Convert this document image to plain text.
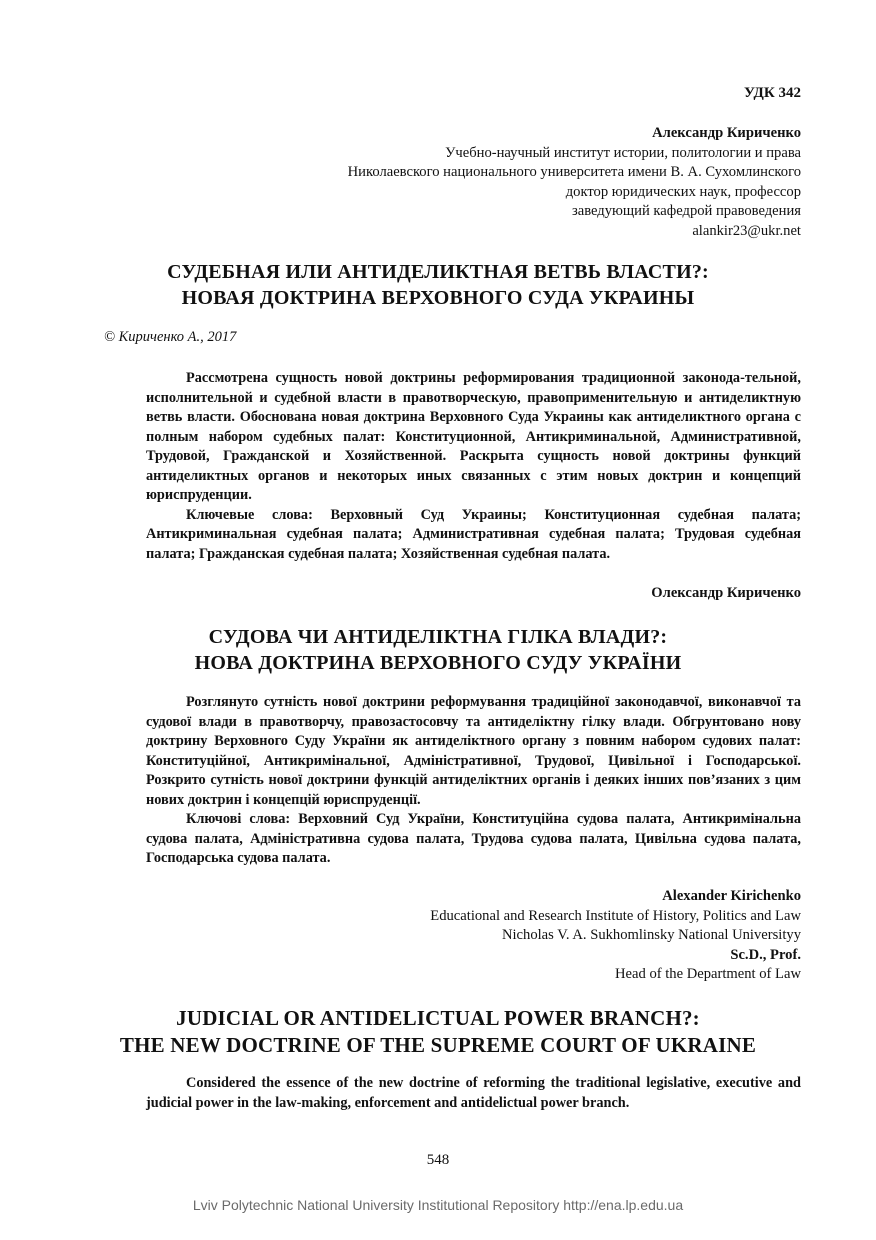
УДК 342
Александр Кириченко
Учебно-научный институт истории, политологии и права
Николаевского национального университета имени В. А. Сухомлинского
доктор юридических наук, профессор
заведующий кафедрой правоведения
alankir23@ukr.net
СУДЕБНАЯ ИЛИ АНТИДЕЛИКТНАЯ ВЕТВЬ ВЛАСТИ?:
НОВАЯ ДОКТРИНА ВЕРХОВНОГО СУДА УКРАИНЫ
© Кириченко А., 2017

Рассмотрена сущность новой доктрины реформирования традиционной законода-тельной, исполнительной и судебной власти в правотворческую, правоприменительную и антиделиктную ветвь власти. Обоснована новая доктрина Верховного Суда Украины как антиделиктного органа с полным набором судебных палат: Конституционной, Антикриминальной, Административной, Трудовой, Гражданской и Хозяйственной. Раскрыта сущность новой доктрины функций антиделиктных органов и некоторых иных связанных с этим новых доктрин и концепций юриспруденции.

Ключевые слова: Верховный Суд Украины; Конституционная судебная палата; Антикриминальная судебная палата; Административная судебная палата; Трудовая судебная палата; Гражданская судебная палата; Хозяйственная судебная палата.

Олександр Кириченко
СУДОВА ЧИ АНТИДЕЛІКТНА ГІЛКА ВЛАДИ?:
НОВА ДОКТРИНА ВЕРХОВНОГО СУДУ УКРАЇНИ

Розглянуто сутність нової доктрини реформування традиційної законодавчої, виконавчої та судової влади в правотворчу, правозастосовчу та антиделіктну гілку влади. Обгрунтовано нову доктрину Верховного Суду України як антиделіктного органу з повним набором судових палат: Конституційної, Антикримінальної, Адміністративної, Трудової, Цивільної і Господарської. Розкрито сутність нової доктрини функцій антиделіктних органів і деяких інших пов’язаних з цим нових доктрин і концепцій юриспруденції.

Ключові слова: Верховний Суд України, Конституційна судова палата, Антикримінальна судова палата, Адміністративна судова палата, Трудова судова палата, Цивільна судова палата, Господарська судова палата.

Alexander Kirichenko
Educational and Research Institute of History, Politics and Law
Nicholas V. A. Sukhomlinsky National Universityy
Sc.D., Prof.
Head of the Department of Law
JUDICIAL OR ANTIDELICTUAL POWER BRANCH?:
THE NEW DOCTRINE OF THE SUPREME COURT OF UKRAINE

Considered the essence of the new doctrine of reforming the traditional legislative, executive and judicial power in the law-making, enforcement and antidelictual power branch.

548
Lviv Polytechnic National University Institutional Repository http://ena.lp.edu.ua
